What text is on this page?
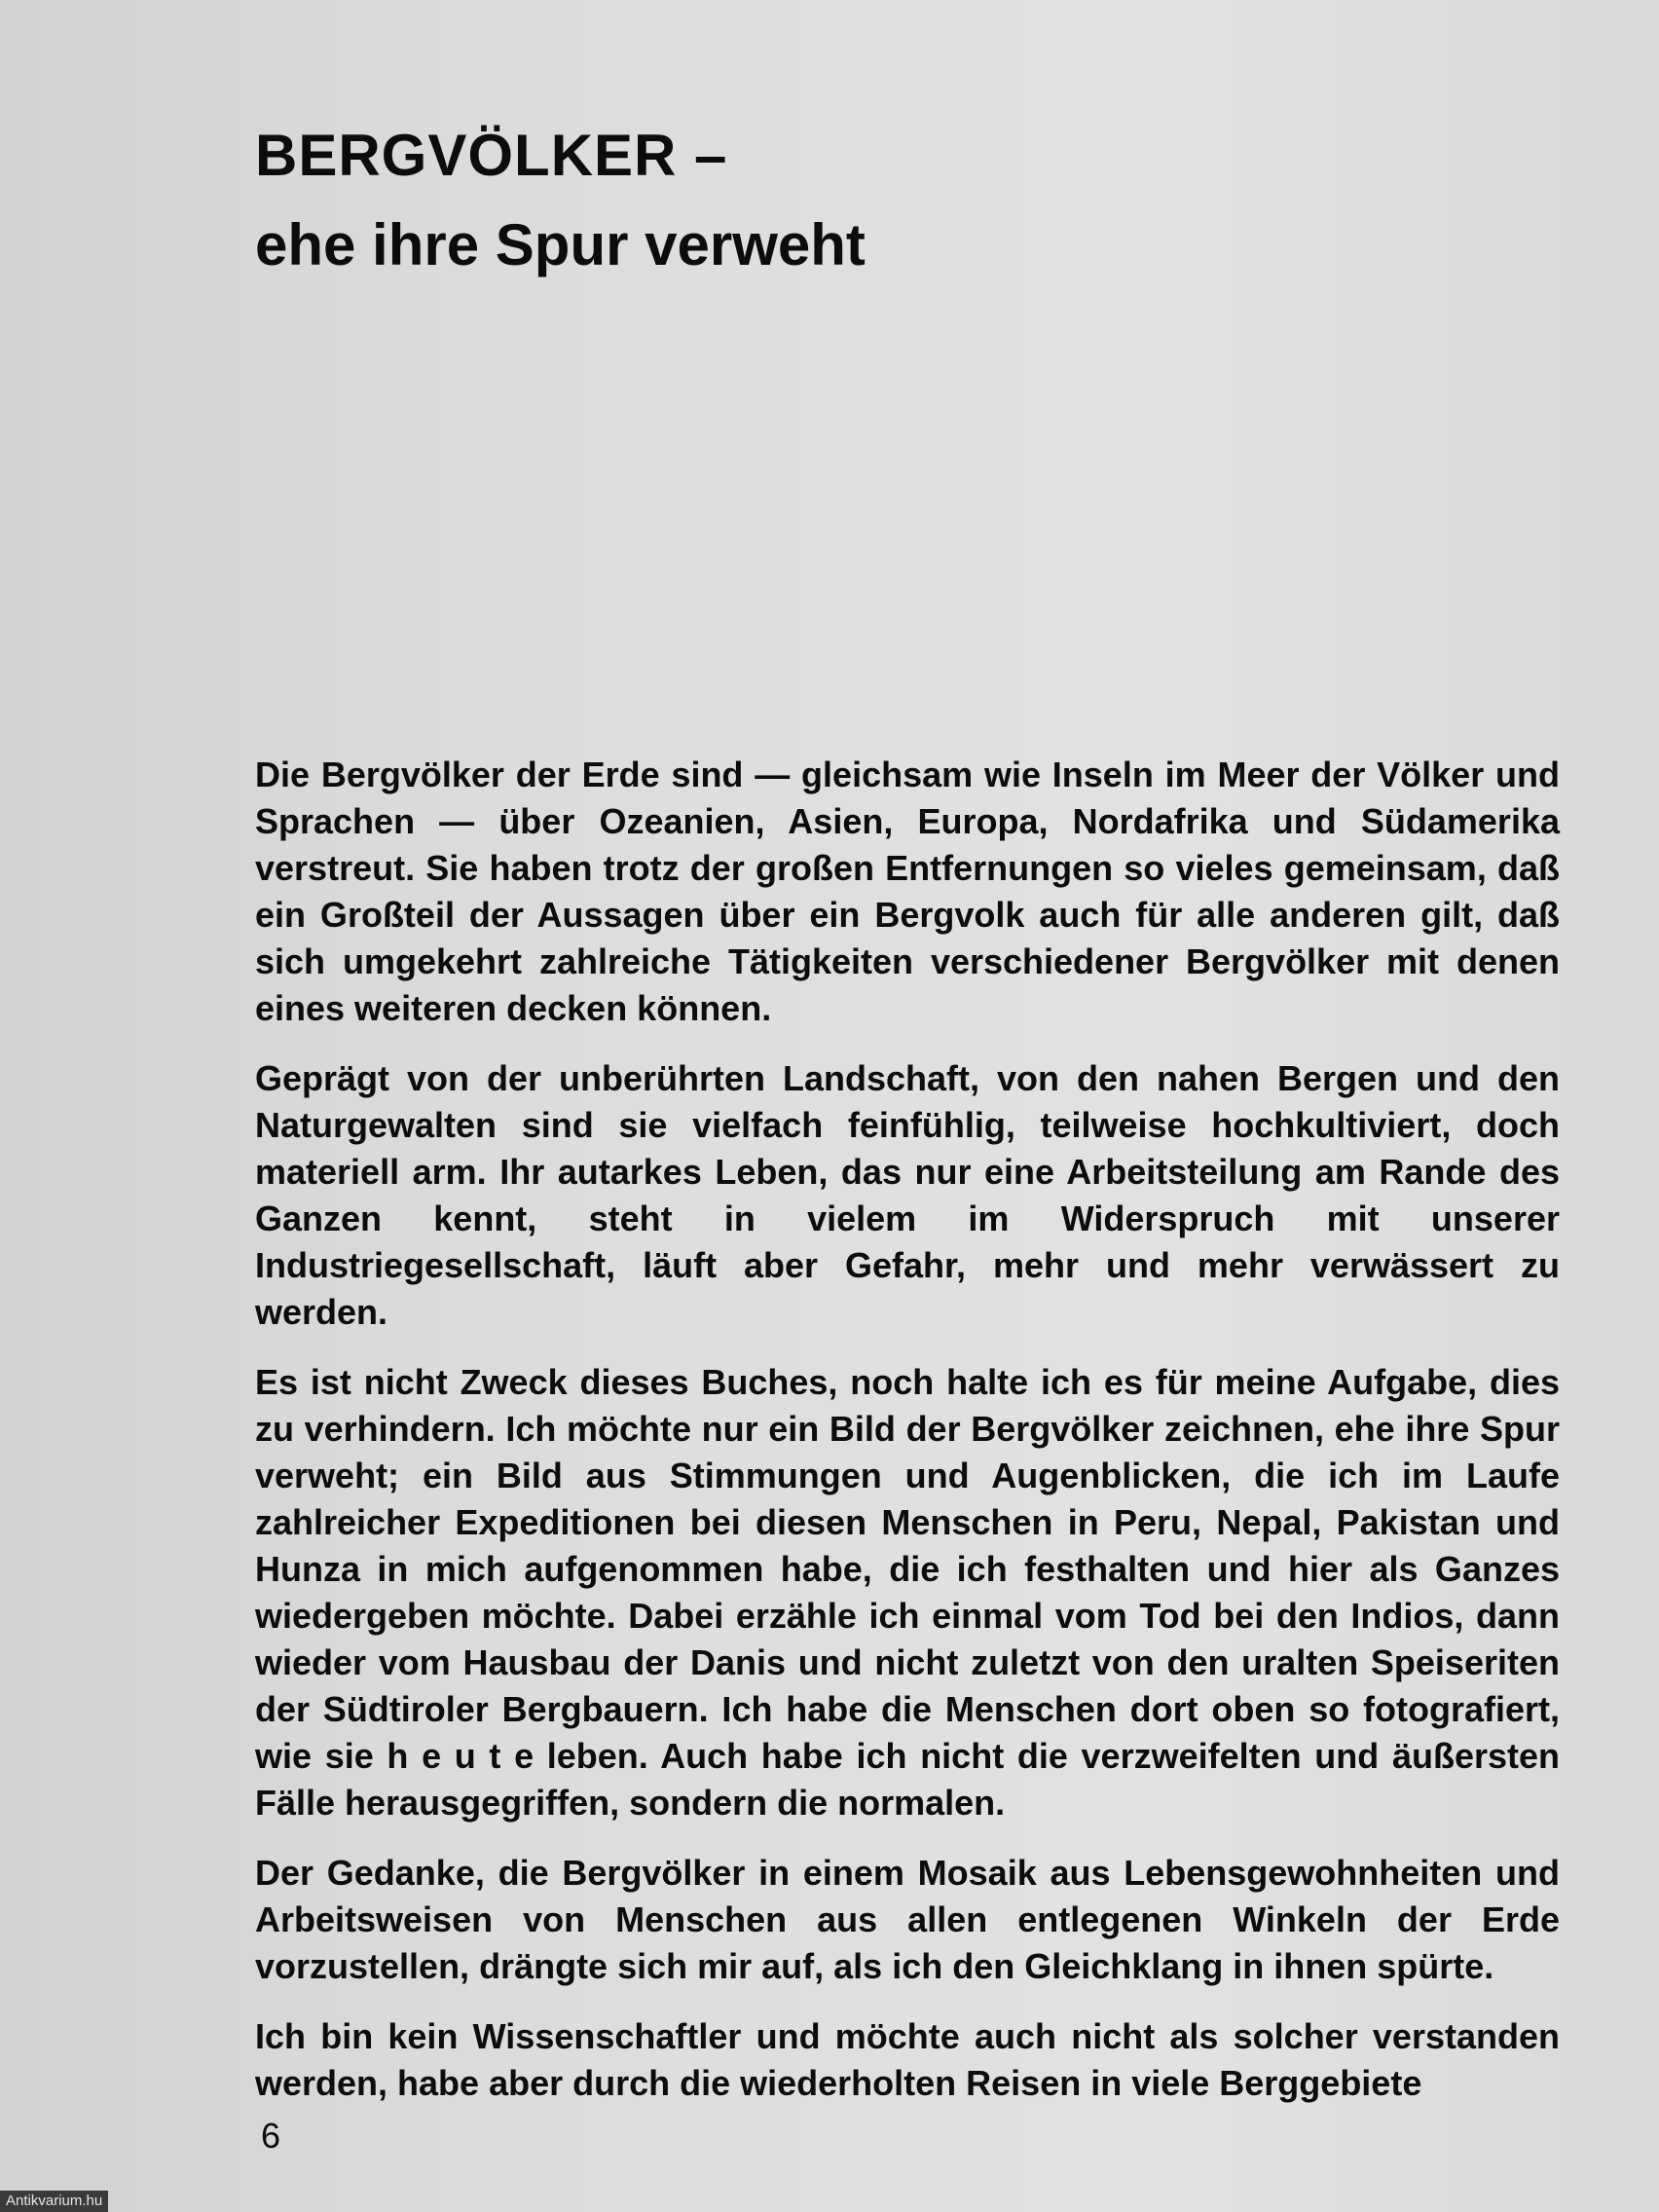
BERGVÖLKER –
ehe ihre Spur verweht

Die Bergvölker der Erde sind — gleichsam wie Inseln im Meer der Völker und Sprachen — über Ozeanien, Asien, Europa, Nordafrika und Südamerika verstreut. Sie haben trotz der großen Entfernungen so vieles gemeinsam, daß ein Großteil der Aussagen über ein Bergvolk auch für alle anderen gilt, daß sich umgekehrt zahlreiche Tätigkeiten verschiedener Bergvölker mit denen eines weiteren decken können.

Geprägt von der unberührten Landschaft, von den nahen Bergen und den Naturgewalten sind sie vielfach feinfühlig, teilweise hochkultiviert, doch materiell arm. Ihr autarkes Leben, das nur eine Arbeitsteilung am Rande des Ganzen kennt, steht in vielem im Widerspruch mit unserer Industriegesellschaft, läuft aber Gefahr, mehr und mehr verwässert zu werden.

Es ist nicht Zweck dieses Buches, noch halte ich es für meine Aufgabe, dies zu verhindern. Ich möchte nur ein Bild der Bergvölker zeichnen, ehe ihre Spur verweht; ein Bild aus Stimmungen und Augenblicken, die ich im Laufe zahlreicher Expeditionen bei diesen Menschen in Peru, Nepal, Pakistan und Hunza in mich aufgenommen habe, die ich festhalten und hier als Ganzes wiedergeben möchte. Dabei erzähle ich einmal vom Tod bei den Indios, dann wieder vom Hausbau der Danis und nicht zuletzt von den uralten Speiseriten der Südtiroler Bergbauern. Ich habe die Menschen dort oben so fotografiert, wie sie h e u t e leben. Auch habe ich nicht die verzweifelten und äußersten Fälle herausgegriffen, sondern die normalen.

Der Gedanke, die Bergvölker in einem Mosaik aus Lebensgewohnheiten und Arbeitsweisen von Menschen aus allen entlegenen Winkeln der Erde vorzustellen, drängte sich mir auf, als ich den Gleichklang in ihnen spürte.

Ich bin kein Wissenschaftler und möchte auch nicht als solcher verstanden werden, habe aber durch die wiederholten Reisen in viele Berggebiete

6
Antikvarium.hu
